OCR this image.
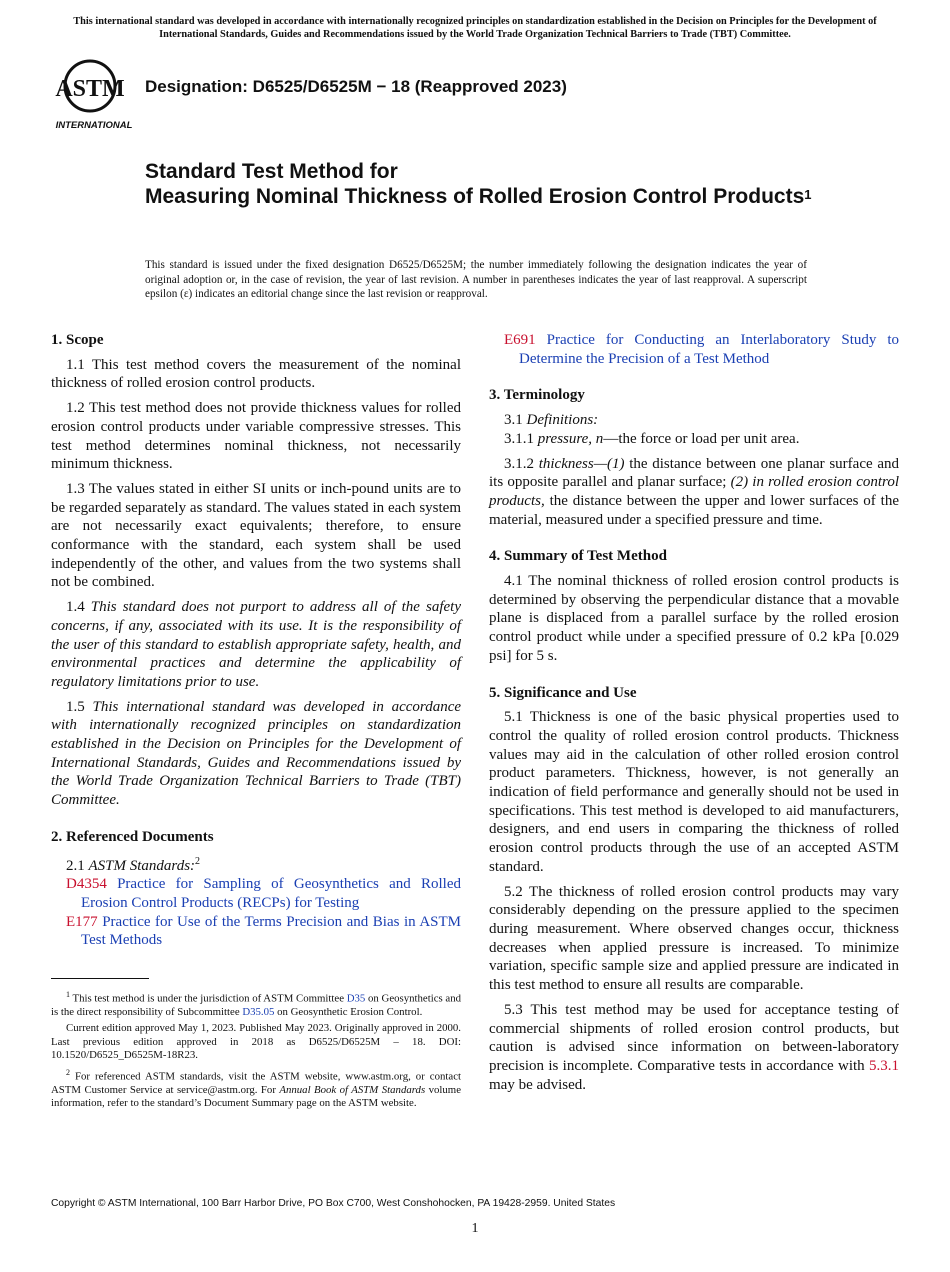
This international standard was developed in accordance with internationally recognized principles on standardization established in the Decision on Principles for the Development of International Standards, Guides and Recommendations issued by the World Trade Organization Technical Barriers to Trade (TBT) Committee.
ASTM
INTERNATIONAL
Designation: D6525/D6525M − 18 (Reapproved 2023)
Standard Test Method for
Measuring Nominal Thickness of Rolled Erosion Control Products$^1$
This standard is issued under the fixed designation D6525/D6525M; the number immediately following the designation indicates the year of original adoption or, in the case of revision, the year of last revision. A number in parentheses indicates the year of last reapproval. A superscript epsilon (ε) indicates an editorial change since the last revision or reapproval.
1. Scope

1.1 This test method covers the measurement of the nominal thickness of rolled erosion control products.

1.2 This test method does not provide thickness values for rolled erosion control products under variable compressive stresses. This test method determines nominal thickness, not necessarily minimum thickness.

1.3 The values stated in either SI units or inch-pound units are to be regarded separately as standard. The values stated in each system are not necessarily exact equivalents; therefore, to ensure conformance with the standard, each system shall be used independently of the other, and values from the two systems shall not be combined.

1.4 This standard does not purport to address all of the safety concerns, if any, associated with its use. It is the responsibility of the user of this standard to establish appropriate safety, health, and environmental practices and determine the applicability of regulatory limitations prior to use.

1.5 This international standard was developed in accordance with internationally recognized principles on standardization established in the Decision on Principles for the Development of International Standards, Guides and Recommendations issued by the World Trade Organization Technical Barriers to Trade (TBT) Committee.

2. Referenced Documents

2.1 ASTM Standards:$^2$

D4354 Practice for Sampling of Geosynthetics and Rolled Erosion Control Products (RECPs) for Testing
E177 Practice for Use of the Terms Precision and Bias in ASTM Test Methods

$^1$ This test method is under the jurisdiction of ASTM Committee D35 on Geosynthetics and is the direct responsibility of Subcommittee D35.05 on Geosynthetic Erosion Control.

Current edition approved May 1, 2023. Published May 2023. Originally approved in 2000. Last previous edition approved in 2018 as D6525/D6525M – 18. DOI: 10.1520/D6525_D6525M-18R23.

$^2$ For referenced ASTM standards, visit the ASTM website, www.astm.org, or contact ASTM Customer Service at service@astm.org. For Annual Book of ASTM Standards volume information, refer to the standard’s Document Summary page on the ASTM website.

E691 Practice for Conducting an Interlaboratory Study to Determine the Precision of a Test Method
3. Terminology

3.1 Definitions:

3.1.1 pressure, n—the force or load per unit area.

3.1.2 thickness—(1) the distance between one planar surface and its opposite parallel and planar surface; (2) in rolled erosion control products, the distance between the upper and lower surfaces of the material, measured under a specified pressure and time.

4. Summary of Test Method

4.1 The nominal thickness of rolled erosion control products is determined by observing the perpendicular distance that a movable plane is displaced from a parallel surface by the rolled erosion control product while under a specified pressure of 0.2 kPa [0.029 psi] for 5 s.

5. Significance and Use

5.1 Thickness is one of the basic physical properties used to control the quality of rolled erosion control products. Thickness values may aid in the calculation of other rolled erosion control product parameters. Thickness, however, is not generally an indication of field performance and generally should not be used in specifications. This test method is developed to aid manufacturers, designers, and end users in comparing the thickness of rolled erosion control products through the use of an accepted ASTM standard.

5.2 The thickness of rolled erosion control products may vary considerably depending on the pressure applied to the specimen during measurement. Where observed changes occur, thickness decreases when applied pressure is increased. To minimize variation, specific sample size and applied pressure are indicated in this test method to ensure all results are comparable.

5.3 This test method may be used for acceptance testing of commercial shipments of rolled erosion control products, but caution is advised since information on between-laboratory precision is incomplete. Comparative tests in accordance with 5.3.1 may be advised.

Copyright © ASTM International, 100 Barr Harbor Drive, PO Box C700, West Conshohocken, PA 19428-2959. United States
1
